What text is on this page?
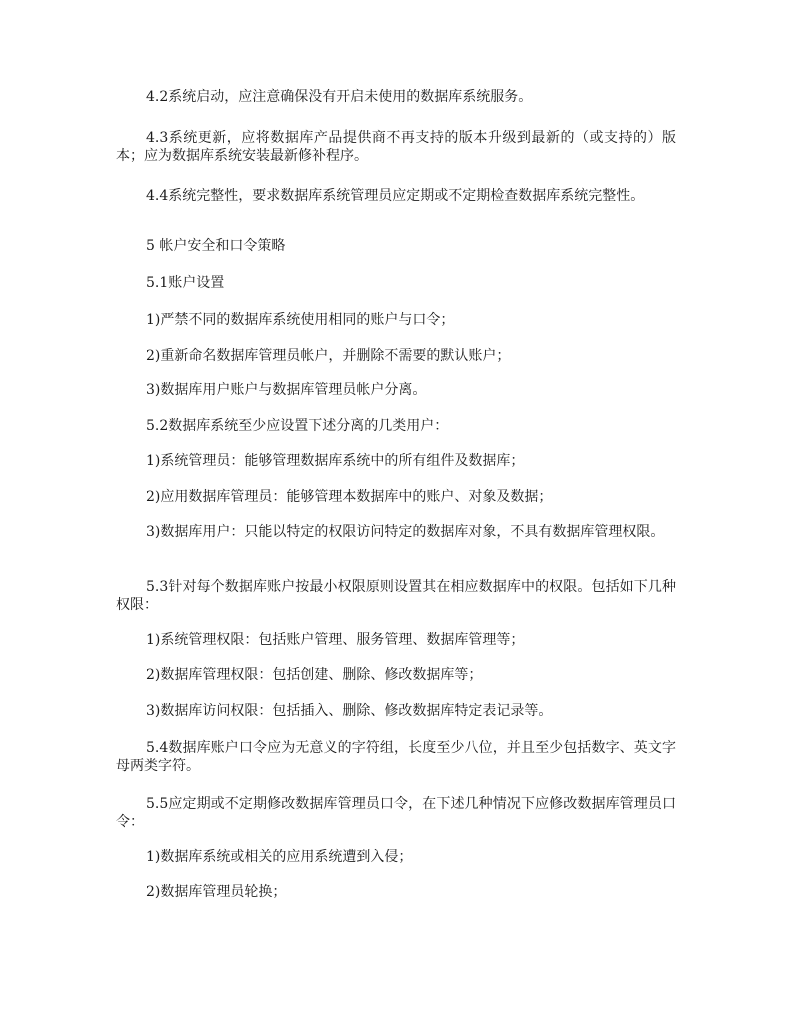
4.2系统启动，应注意确保没有开启未使用的数据库系统服务。

4.3系统更新，应将数据库产品提供商不再支持的版本升级到最新的（或支持的）版本；应为数据库系统安装最新修补程序。

4.4系统完整性，要求数据库系统管理员应定期或不定期检查数据库系统完整性。

5 帐户安全和口令策略

5.1账户设置

1)严禁不同的数据库系统使用相同的账户与口令；

2)重新命名数据库管理员帐户，并删除不需要的默认账户；

3)数据库用户账户与数据库管理员帐户分离。

5.2数据库系统至少应设置下述分离的几类用户：

1)系统管理员：能够管理数据库系统中的所有组件及数据库；

2)应用数据库管理员：能够管理本数据库中的账户、对象及数据；

3)数据库用户：只能以特定的权限访问特定的数据库对象，不具有数据库管理权限。

5.3针对每个数据库账户按最小权限原则设置其在相应数据库中的权限。包括如下几种权限：

1)系统管理权限：包括账户管理、服务管理、数据库管理等；

2)数据库管理权限：包括创建、删除、修改数据库等；

3)数据库访问权限：包括插入、删除、修改数据库特定表记录等。

5.4数据库账户口令应为无意义的字符组，长度至少八位，并且至少包括数字、英文字母两类字符。

5.5应定期或不定期修改数据库管理员口令，在下述几种情况下应修改数据库管理员口令：

1)数据库系统或相关的应用系统遭到入侵；

2)数据库管理员轮换；
